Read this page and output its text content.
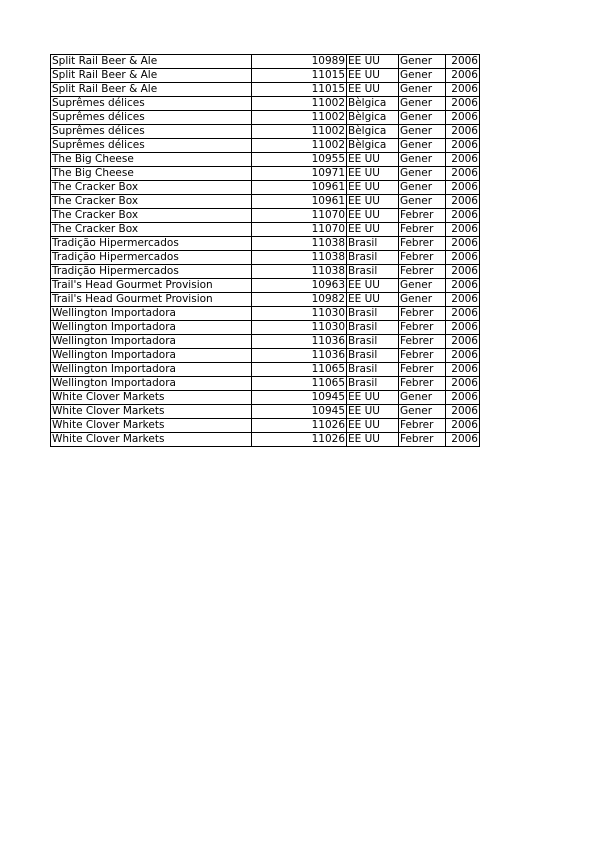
Split Rail Beer & Ale	10989	EE UU	Gener	2006
Split Rail Beer & Ale	11015	EE UU	Gener	2006
Split Rail Beer & Ale	11015	EE UU	Gener	2006
Suprêmes délices	11002	Bèlgica	Gener	2006
Suprêmes délices	11002	Bèlgica	Gener	2006
Suprêmes délices	11002	Bèlgica	Gener	2006
Suprêmes délices	11002	Bèlgica	Gener	2006
The Big Cheese	10955	EE UU	Gener	2006
The Big Cheese	10971	EE UU	Gener	2006
The Cracker Box	10961	EE UU	Gener	2006
The Cracker Box	10961	EE UU	Gener	2006
The Cracker Box	11070	EE UU	Febrer	2006
The Cracker Box	11070	EE UU	Febrer	2006
Tradição Hipermercados	11038	Brasil	Febrer	2006
Tradição Hipermercados	11038	Brasil	Febrer	2006
Tradição Hipermercados	11038	Brasil	Febrer	2006
Trail's Head Gourmet Provision	10963	EE UU	Gener	2006
Trail's Head Gourmet Provision	10982	EE UU	Gener	2006
Wellington Importadora	11030	Brasil	Febrer	2006
Wellington Importadora	11030	Brasil	Febrer	2006
Wellington Importadora	11036	Brasil	Febrer	2006
Wellington Importadora	11036	Brasil	Febrer	2006
Wellington Importadora	11065	Brasil	Febrer	2006
Wellington Importadora	11065	Brasil	Febrer	2006
White Clover Markets	10945	EE UU	Gener	2006
White Clover Markets	10945	EE UU	Gener	2006
White Clover Markets	11026	EE UU	Febrer	2006
White Clover Markets	11026	EE UU	Febrer	2006
